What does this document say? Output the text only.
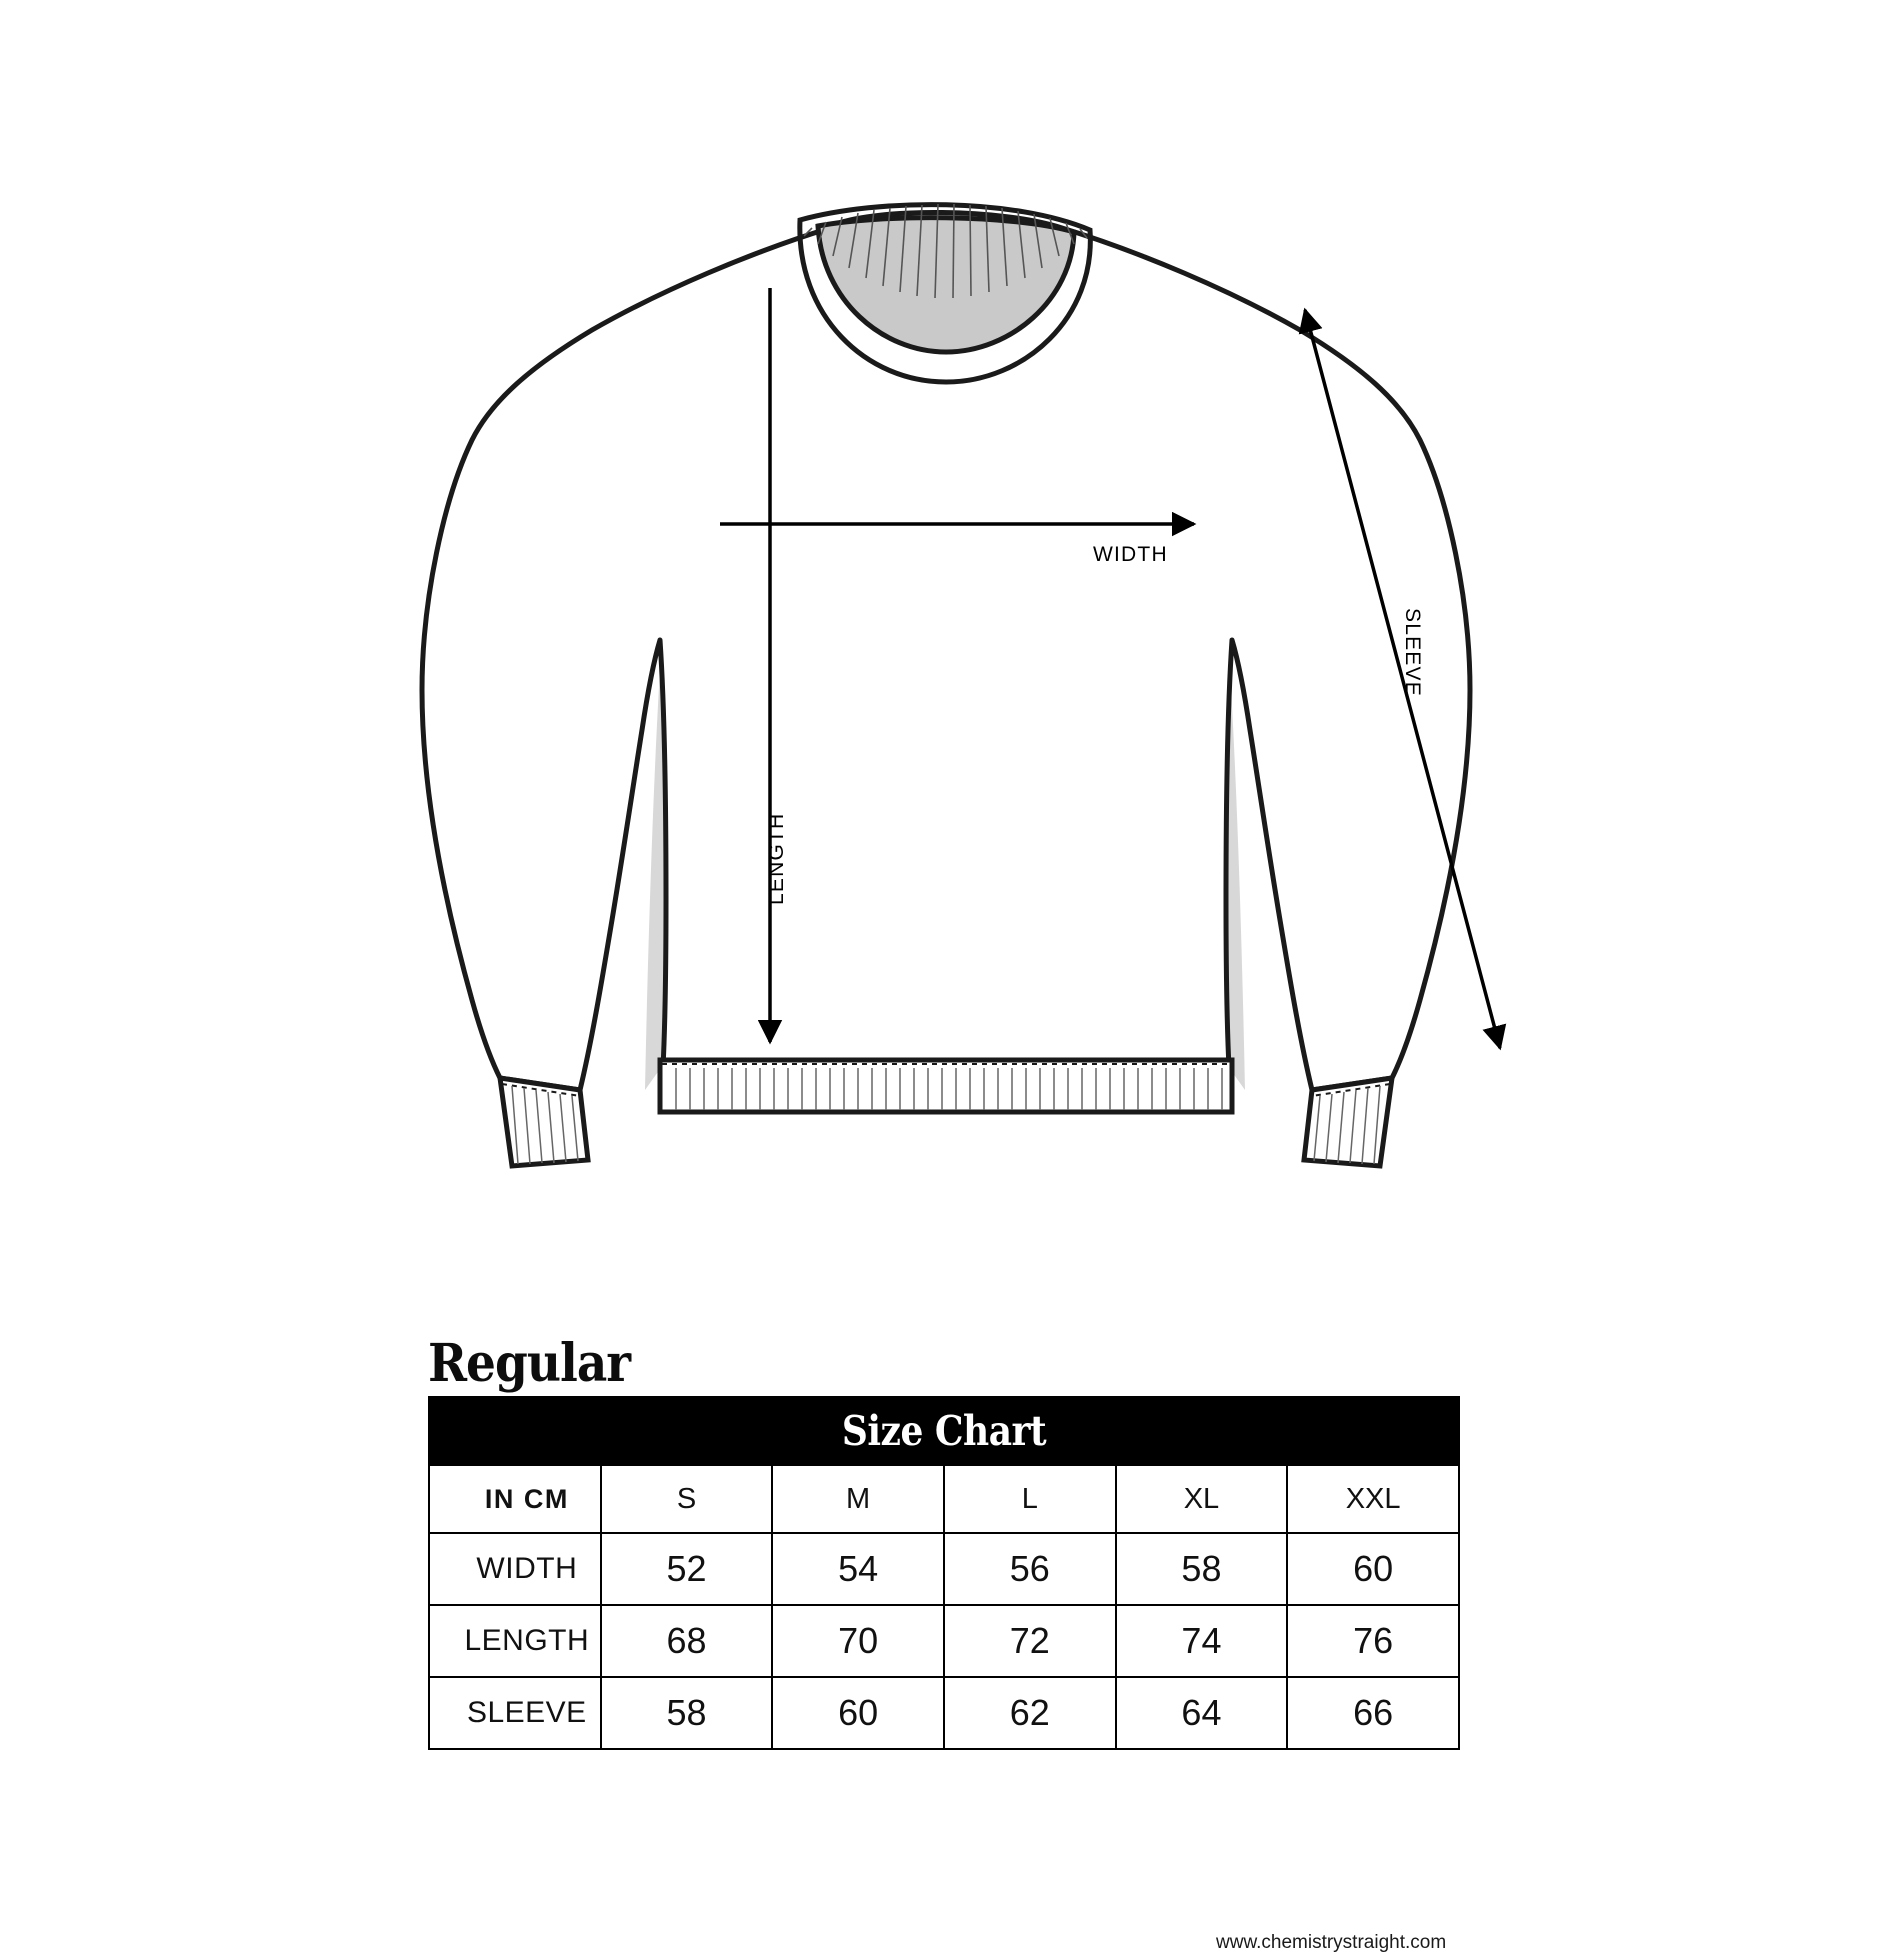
WIDTH
LENGTH
SLEEVE
Regular
Size Chart					
IN CM	S	M	L	XL	XXL
WIDTH	52	54	56	58	60
LENGTH	68	70	72	74	76
SLEEVE	58	60	62	64	66
www.chemistrystraight.com
